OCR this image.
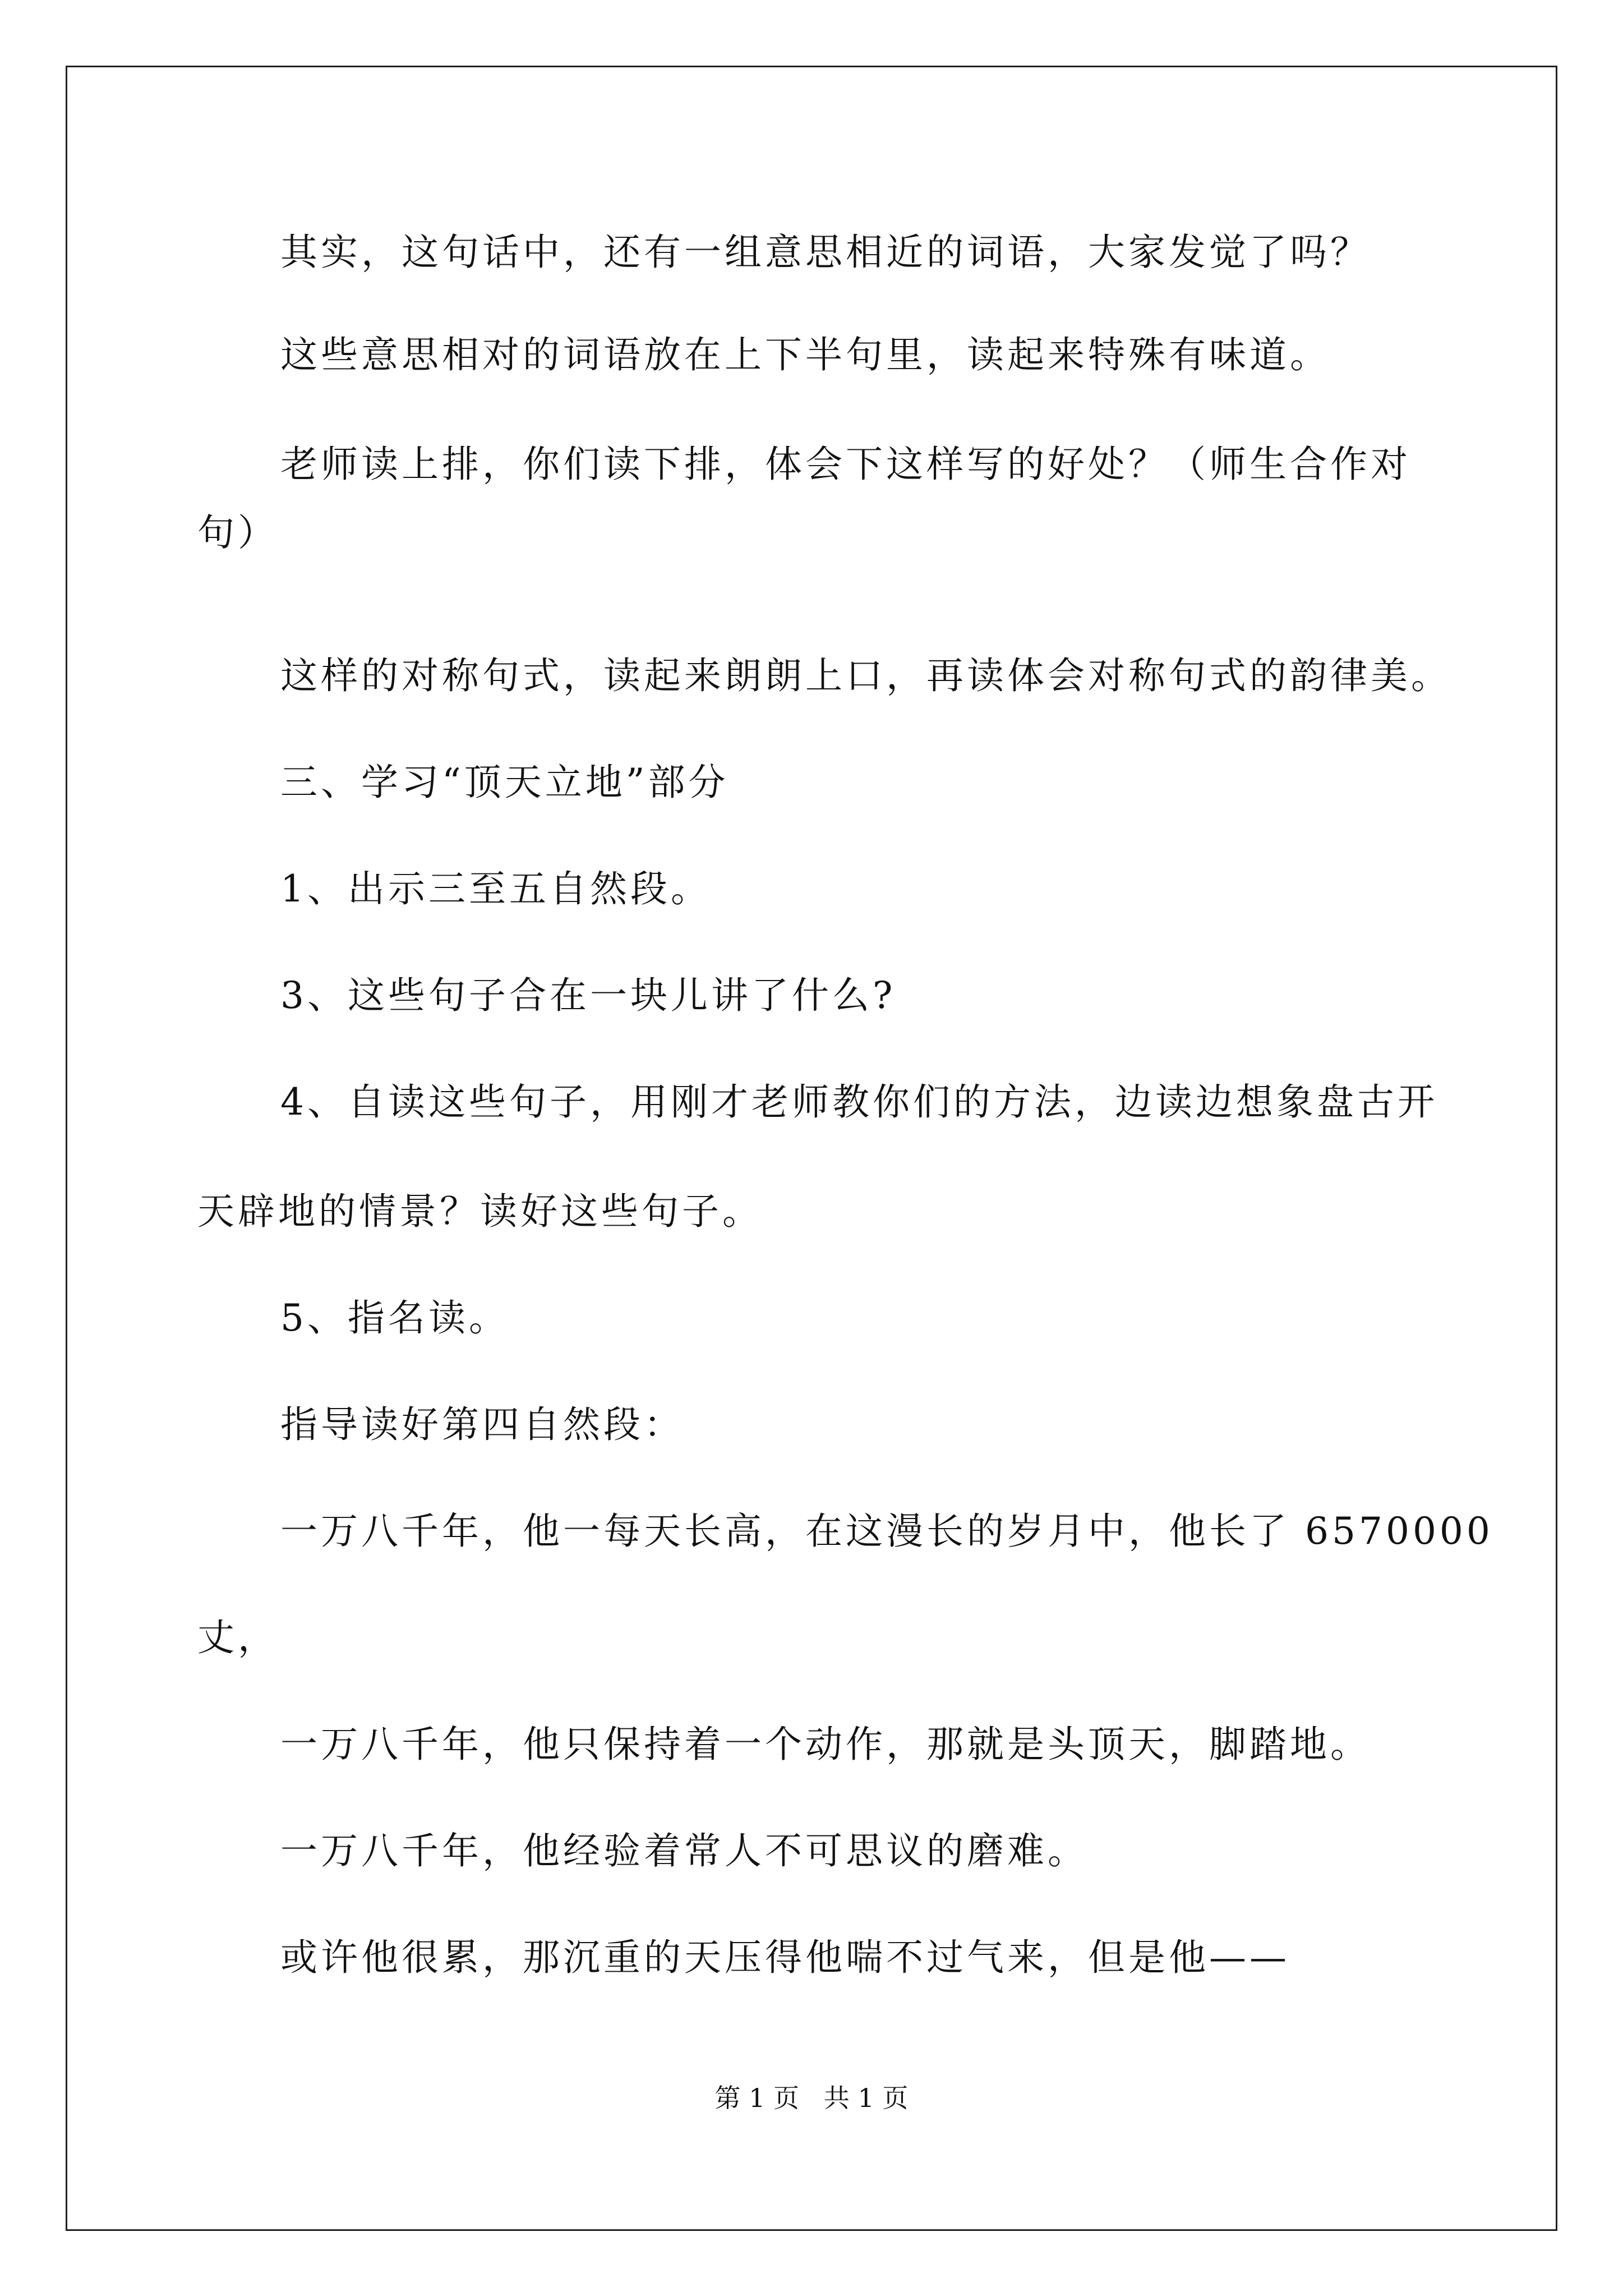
其实，这句话中，还有一组意思相近的词语，大家发觉了吗？
这些意思相对的词语放在上下半句里，读起来特殊有味道。
老师读上排，你们读下排，体会下这样写的好处？（师生合作对
句）
这样的对称句式，读起来朗朗上口，再读体会对称句式的韵律美。
三、学习“顶天立地”部分
1、出示三至五自然段。
3、这些句子合在一块儿讲了什么?
4、自读这些句子，用刚才老师教你们的方法，边读边想象盘古开
天辟地的情景？读好这些句子。
5、指名读。
指导读好第四自然段：
一万八千年，他一每天长高，在这漫长的岁月中，他长了 6570000
丈，
一万八千年，他只保持着一个动作，那就是头顶天，脚踏地。
一万八千年，他经验着常人不可思议的磨难。
或许他很累，那沉重的天压得他喘不过气来，但是他——
第 1 页   共 1 页
